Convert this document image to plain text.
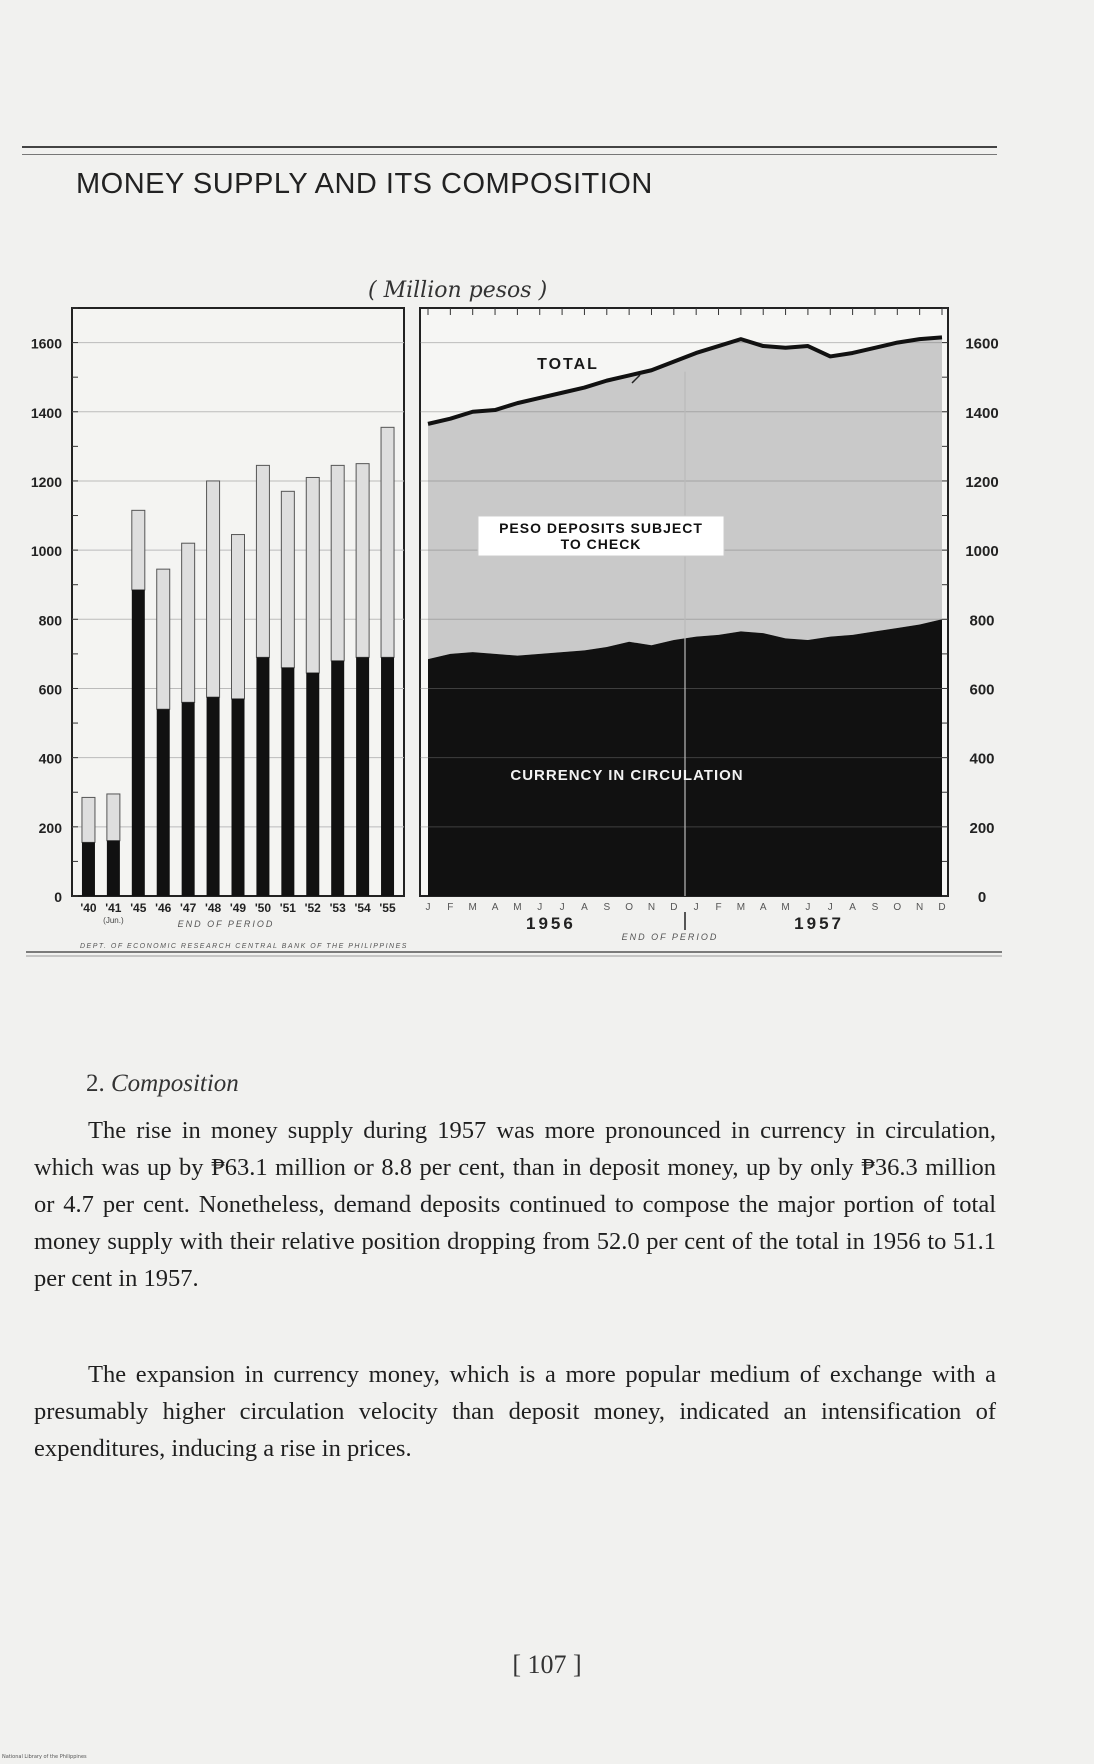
MONEY SUPPLY AND ITS COMPOSITION
( Million pesos )
0
200
400
600
800
1000
1200
1400
1600
'40 '41 '45 '46 '47 '48 '49 '50 '51 '52 '53 '54 '55
(Jun.)	END OF PERIOD
0
200
400
600
800
1000
1200
1400
1600
J F M A M J J A S O N D J F M A M J J A S O N D
1956	1957
END OF PERIOD
TOTAL
PESO DEPOSITS SUBJECT
TO CHECK
CURRENCY IN CIRCULATION
DEPT. OF ECONOMIC RESEARCH CENTRAL BANK OF THE PHILIPPINES
2. Composition

The rise in money supply during 1957 was more pronounced in currency in circulation, which was up by ₱63.1 million or 8.8 per cent, than in deposit money, up by only ₱36.3 million or 4.7 per cent. Nonetheless, demand deposits continued to compose the major portion of total money supply with their relative position dropping from 52.0 per cent of the total in 1956 to 51.1 per cent in 1957.

The expansion in currency money, which is a more popular medium of exchange with a presumably higher circulation velocity than deposit money, indicated an intensification of expenditures, inducing a rise in prices.

[ 107 ]
National Library of the Philippines
